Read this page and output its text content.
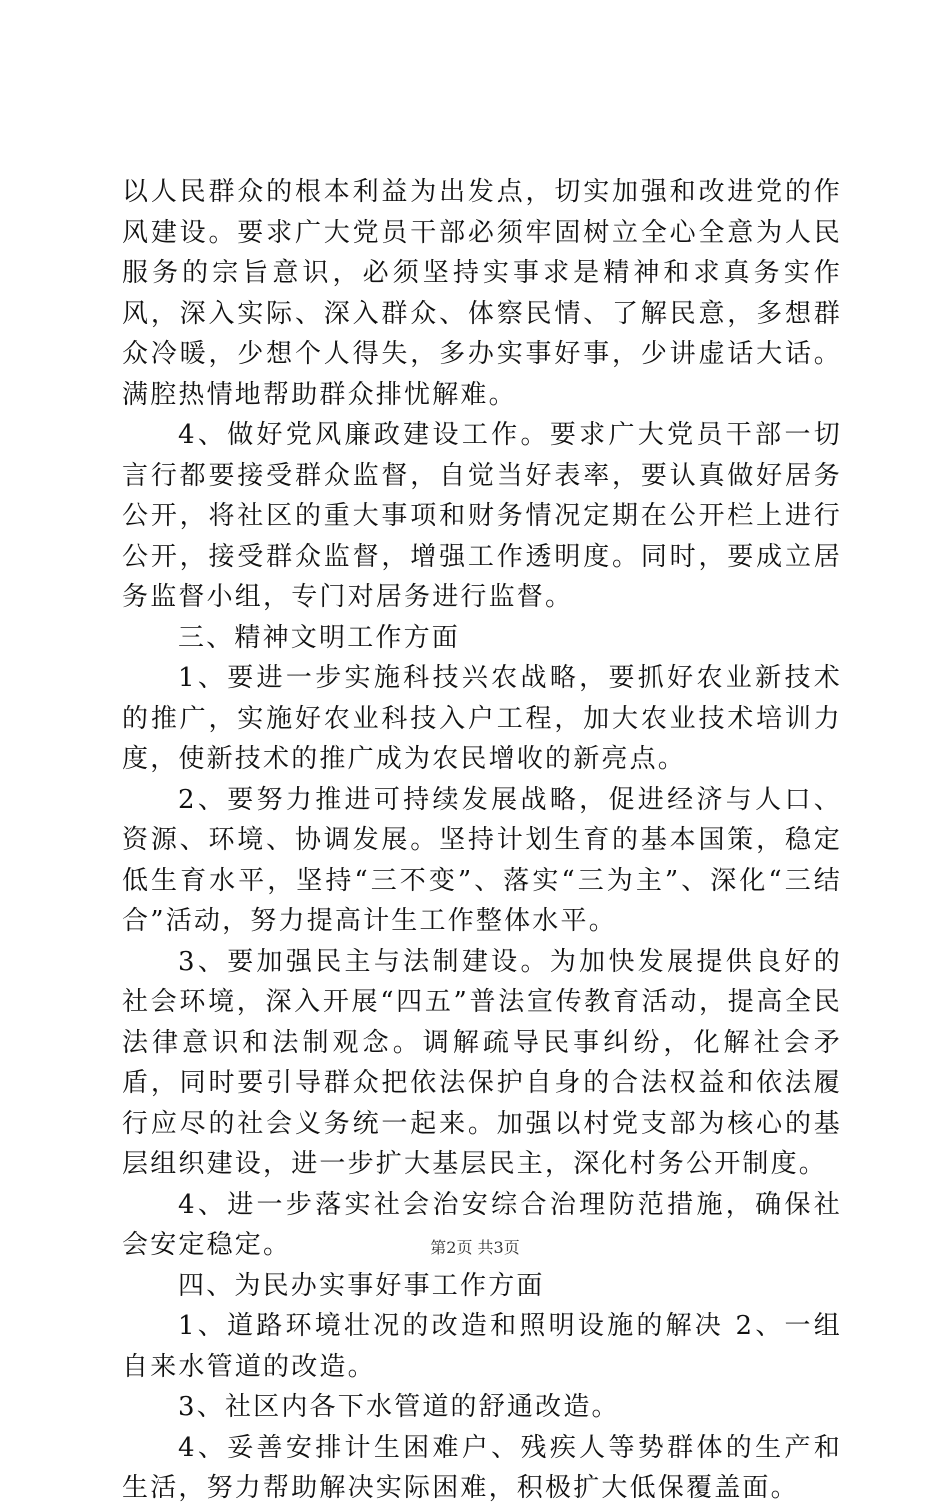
以人民群众的根本利益为出发点，切实加强和改进党的作风建设。要求广大党员干部必须牢固树立全心全意为人民服务的宗旨意识，必须坚持实事求是精神和求真务实作风，深入实际、深入群众、体察民情、了解民意，多想群众冷暖，少想个人得失，多办实事好事，少讲虚话大话。满腔热情地帮助群众排忧解难。

4、做好党风廉政建设工作。要求广大党员干部一切言行都要接受群众监督，自觉当好表率，要认真做好居务公开，将社区的重大事项和财务情况定期在公开栏上进行公开，接受群众监督，增强工作透明度。同时，要成立居务监督小组，专门对居务进行监督。

三、精神文明工作方面

1、要进一步实施科技兴农战略，要抓好农业新技术的推广，实施好农业科技入户工程，加大农业技术培训力度，使新技术的推广成为农民增收的新亮点。

2、要努力推进可持续发展战略，促进经济与人口、资源、环境、协调发展。坚持计划生育的基本国策，稳定低生育水平，坚持“三不变”、落实“三为主”、深化“三结合”活动，努力提高计生工作整体水平。

3、要加强民主与法制建设。为加快发展提供良好的社会环境，深入开展“四五”普法宣传教育活动，提高全民法律意识和法制观念。调解疏导民事纠纷，化解社会矛盾，同时要引导群众把依法保护自身的合法权益和依法履行应尽的社会义务统一起来。加强以村党支部为核心的基层组织建设，进一步扩大基层民主，深化村务公开制度。

4、进一步落实社会治安综合治理防范措施，确保社会安定稳定。

四、为民办实事好事工作方面

1、道路环境壮况的改造和照明设施的解决 2、一组自来水管道的改造。

3、社区内各下水管道的舒通改造。

4、妥善安排计生困难户、残疾人等势群体的生产和生活，努力帮助解决实际困难，积极扩大低保覆盖面。

第2页 共3页
